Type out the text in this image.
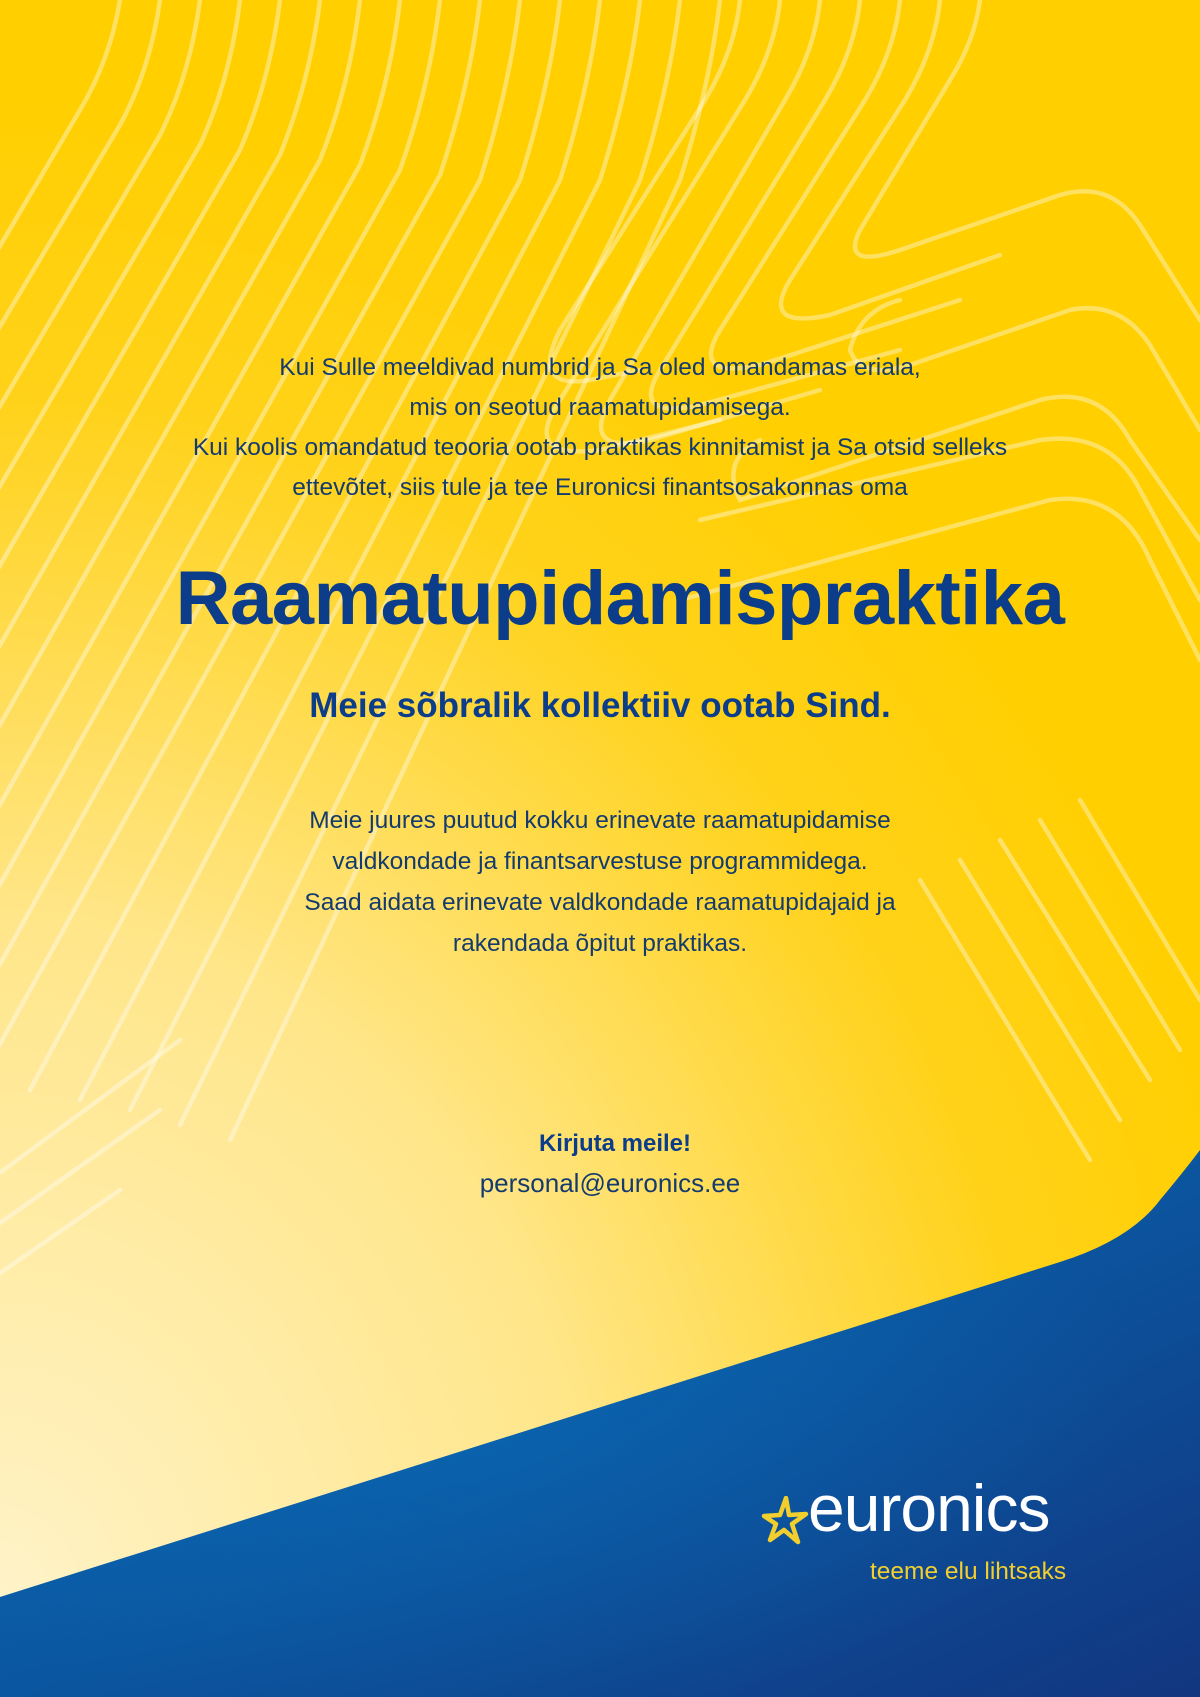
Kui Sulle meeldivad numbrid ja Sa oled omandamas eriala,
mis on seotud raamatupidamisega.
Kui koolis omandatud teooria ootab praktikas kinnitamist ja Sa otsid selleks
ettevõtet, siis tule ja tee Euronicsi finantsosakonnas oma
Raamatupidamispraktika
Meie sõbralik kollektiiv ootab Sind.
Meie juures puutud kokku erinevate raamatupidamise
valdkondade ja finantsarvestuse programmidega.
Saad aidata erinevate valdkondade raamatupidajaid ja
rakendada õpitut praktikas.
Kirjuta meile!
personal@euronics.ee
euronics
teeme elu lihtsaks
